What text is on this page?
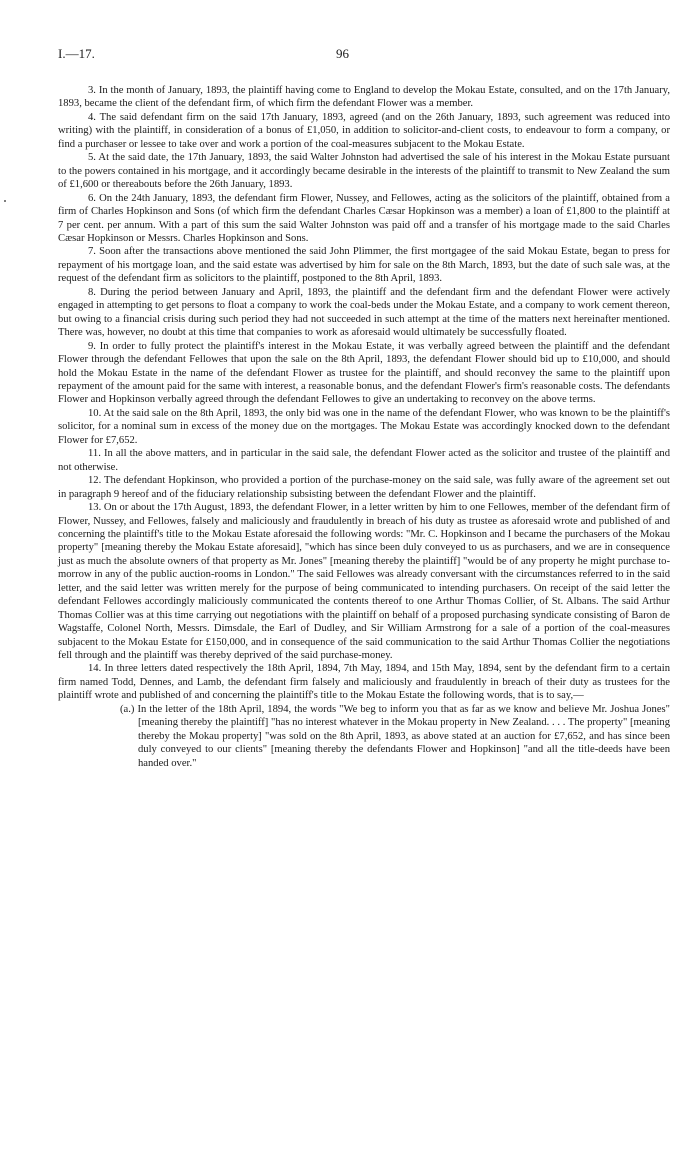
I.—17.	96

3. In the month of January, 1893, the plaintiff having come to England to develop the Mokau Estate, consulted, and on the 17th January, 1893, became the client of the defendant firm, of which firm the defendant Flower was a member.

4. The said defendant firm on the said 17th January, 1893, agreed (and on the 26th January, 1893, such agreement was reduced into writing) with the plaintiff, in consideration of a bonus of £1,050, in addition to solicitor-and-client costs, to endeavour to form a company, or find a purchaser or lessee to take over and work a portion of the coal-measures subjacent to the Mokau Estate.

5. At the said date, the 17th January, 1893, the said Walter Johnston had advertised the sale of his interest in the Mokau Estate pursuant to the powers contained in his mortgage, and it accordingly became desirable in the interests of the plaintiff to transmit to New Zealand the sum of £1,600 or thereabouts before the 26th January, 1893.

6. On the 24th January, 1893, the defendant firm Flower, Nussey, and Fellowes, acting as the solicitors of the plaintiff, obtained from a firm of Charles Hopkinson and Sons (of which firm the defendant Charles Cæsar Hopkinson was a member) a loan of £1,800 to the plaintiff at 7 per cent. per annum. With a part of this sum the said Walter Johnston was paid off and a transfer of his mortgage made to the said Charles Cæsar Hopkinson or Messrs. Charles Hopkinson and Sons.

7. Soon after the transactions above mentioned the said John Plimmer, the first mortgagee of the said Mokau Estate, began to press for repayment of his mortgage loan, and the said estate was advertised by him for sale on the 8th March, 1893, but the date of such sale was, at the request of the defendant firm as solicitors to the plaintiff, postponed to the 8th April, 1893.

8. During the period between January and April, 1893, the plaintiff and the defendant firm and the defendant Flower were actively engaged in attempting to get persons to float a company to work the coal-beds under the Mokau Estate, and a company to work cement thereon, but owing to a financial crisis during such period they had not succeeded in such attempt at the time of the matters next hereinafter mentioned. There was, however, no doubt at this time that companies to work as aforesaid would ultimately be successfully floated.

9. In order to fully protect the plaintiff's interest in the Mokau Estate, it was verbally agreed between the plaintiff and the defendant Flower through the defendant Fellowes that upon the sale on the 8th April, 1893, the defendant Flower should bid up to £10,000, and should hold the Mokau Estate in the name of the defendant Flower as trustee for the plaintiff, and should reconvey the same to the plaintiff upon repayment of the amount paid for the same with interest, a reasonable bonus, and the defendant Flower's firm's reasonable costs. The defendants Flower and Hopkinson verbally agreed through the defendant Fellowes to give an undertaking to reconvey on the above terms.

10. At the said sale on the 8th April, 1893, the only bid was one in the name of the defendant Flower, who was known to be the plaintiff's solicitor, for a nominal sum in excess of the money due on the mortgages. The Mokau Estate was accordingly knocked down to the defendant Flower for £7,652.

11. In all the above matters, and in particular in the said sale, the defendant Flower acted as the solicitor and trustee of the plaintiff and not otherwise.

12. The defendant Hopkinson, who provided a portion of the purchase-money on the said sale, was fully aware of the agreement set out in paragraph 9 hereof and of the fiduciary relationship subsisting between the defendant Flower and the plaintiff.

13. On or about the 17th August, 1893, the defendant Flower, in a letter written by him to one Fellowes, member of the defendant firm of Flower, Nussey, and Fellowes, falsely and maliciously and fraudulently in breach of his duty as trustee as aforesaid wrote and published of and concerning the plaintiff's title to the Mokau Estate aforesaid the following words: "Mr. C. Hopkinson and I became the purchasers of the Mokau property" [meaning thereby the Mokau Estate aforesaid], "which has since been duly conveyed to us as purchasers, and we are in consequence just as much the absolute owners of that property as Mr. Jones" [meaning thereby the plaintiff] "would be of any property he might purchase to-morrow in any of the public auction-rooms in London." The said Fellowes was already conversant with the circumstances referred to in the said letter, and the said letter was written merely for the purpose of being communicated to intending purchasers. On receipt of the said letter the defendant Fellowes accordingly maliciously communicated the contents thereof to one Arthur Thomas Collier, of St. Albans. The said Arthur Thomas Collier was at this time carrying out negotiations with the plaintiff on behalf of a proposed purchasing syndicate consisting of Baron de Wagstaffe, Colonel North, Messrs. Dimsdale, the Earl of Dudley, and Sir William Armstrong for a sale of a portion of the coal-measures subjacent to the Mokau Estate for £150,000, and in consequence of the said communication to the said Arthur Thomas Collier the negotiations fell through and the plaintiff was thereby deprived of the said purchase-money.

14. In three letters dated respectively the 18th April, 1894, 7th May, 1894, and 15th May, 1894, sent by the defendant firm to a certain firm named Todd, Dennes, and Lamb, the defendant firm falsely and maliciously and fraudulently in breach of their duty as trustees for the plaintiff wrote and published of and concerning the plaintiff's title to the Mokau Estate the following words, that is to say,—

(a.) In the letter of the 18th April, 1894, the words "We beg to inform you that as far as we know and believe Mr. Joshua Jones" [meaning thereby the plaintiff] "has no interest whatever in the Mokau property in New Zealand. . . . The property" [meaning thereby the Mokau property] "was sold on the 8th April, 1893, as above stated at an auction for £7,652, and has since been duly conveyed to our clients" [meaning thereby the defendants Flower and Hopkinson] "and all the title-deeds have been handed over."
